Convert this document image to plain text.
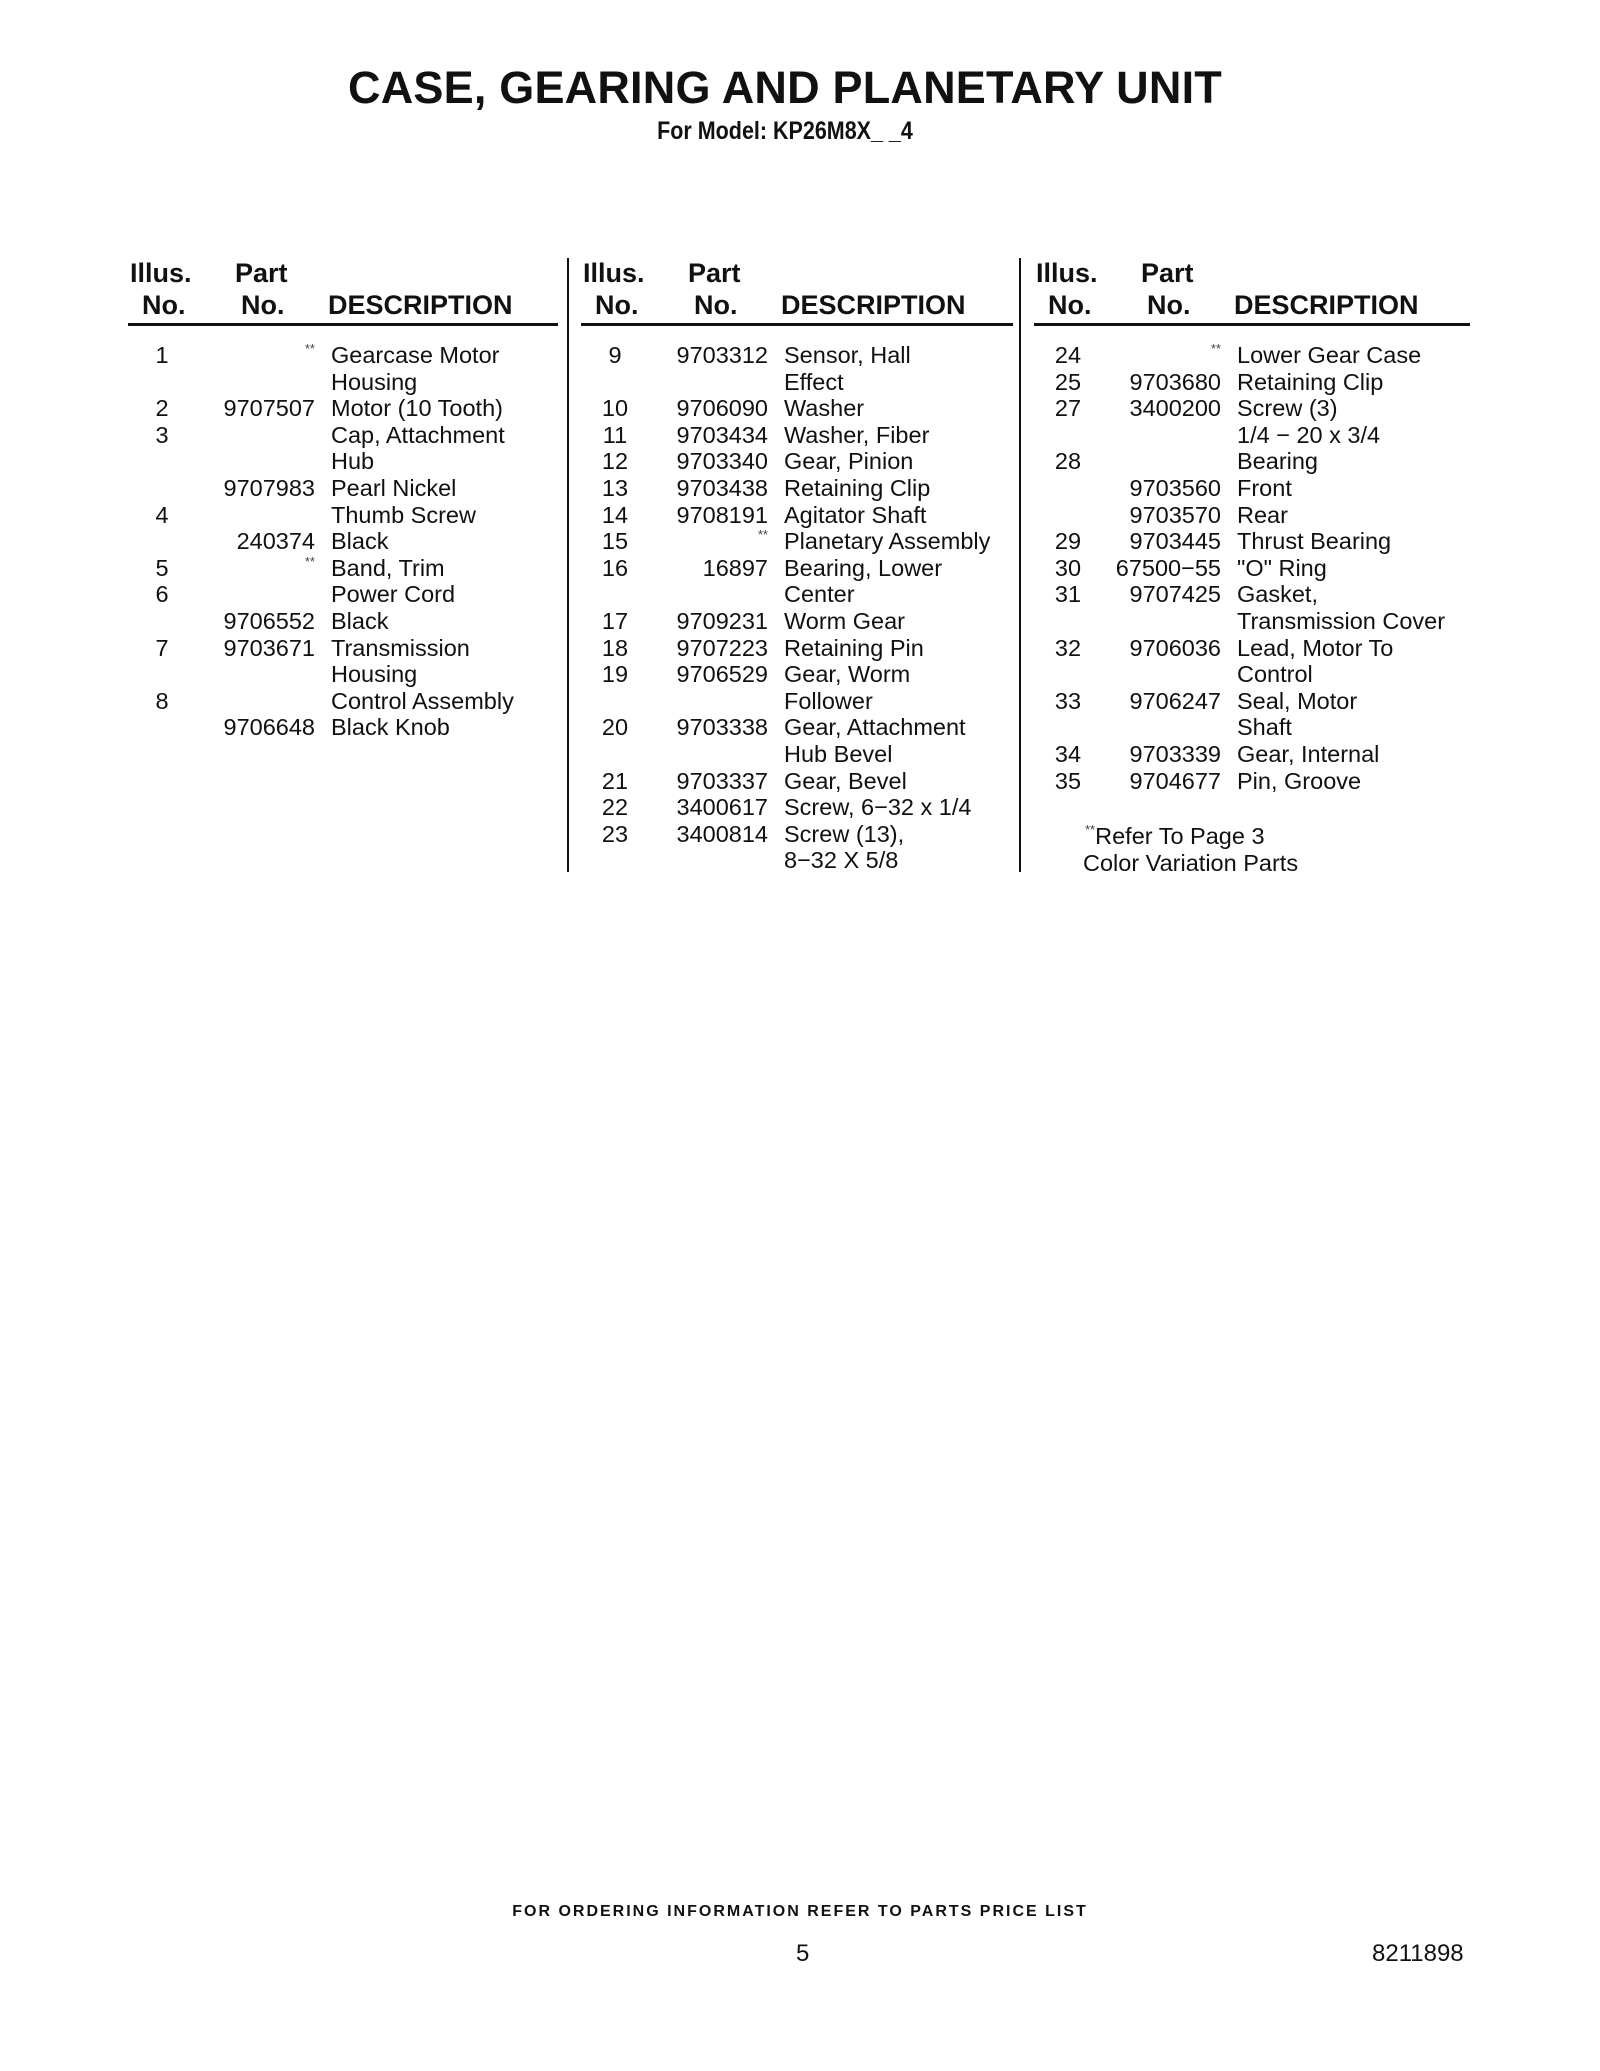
CASE, GEARING AND PLANETARY UNIT
For Model: KP26M8X_ _4
Illus.
No.
Part
No. DESCRIPTION
1	** Gearcase Motor
Housing
2	9707507 Motor (10 Tooth)
3	Cap, Attachment
Hub
9707983 Pearl Nickel
4	Thumb Screw
240374 Black
5	** Band, Trim
6	Power Cord
9706552 Black
7	9703671 Transmission
Housing
8	Control Assembly
9706648 Black Knob
Illus.
No.
Part
No. DESCRIPTION
9	9703312 Sensor, Hall
Effect
10	9706090 Washer
11	9703434 Washer, Fiber
12	9703340 Gear, Pinion
13	9703438 Retaining Clip
14	9708191 Agitator Shaft
15	** Planetary Assembly
16	16897 Bearing, Lower
Center
17	9709231 Worm Gear
18	9707223 Retaining Pin
19	9706529 Gear, Worm
Follower
20	9703338 Gear, Attachment
Hub Bevel
21	9703337 Gear, Bevel
22	3400617 Screw, 6−32 x 1/4
23	3400814 Screw (13),
8−32 X 5/8
Illus.
No.
Part
No. DESCRIPTION
24	** Lower Gear Case
25	9703680 Retaining Clip
27	3400200 Screw (3)
1/4 − 20 x 3/4
28	Bearing
9703560 Front
9703570 Rear
29	9703445 Thrust Bearing
30	67500−55 "O" Ring
31	9707425 Gasket,
Transmission Cover
32	9706036 Lead, Motor To
Control
33	9706247 Seal, Motor
Shaft
34	9703339 Gear, Internal
35	9704677 Pin, Groove
**Refer To Page 3
Color Variation Parts
FOR ORDERING INFORMATION REFER TO PARTS PRICE LIST
5	8211898
